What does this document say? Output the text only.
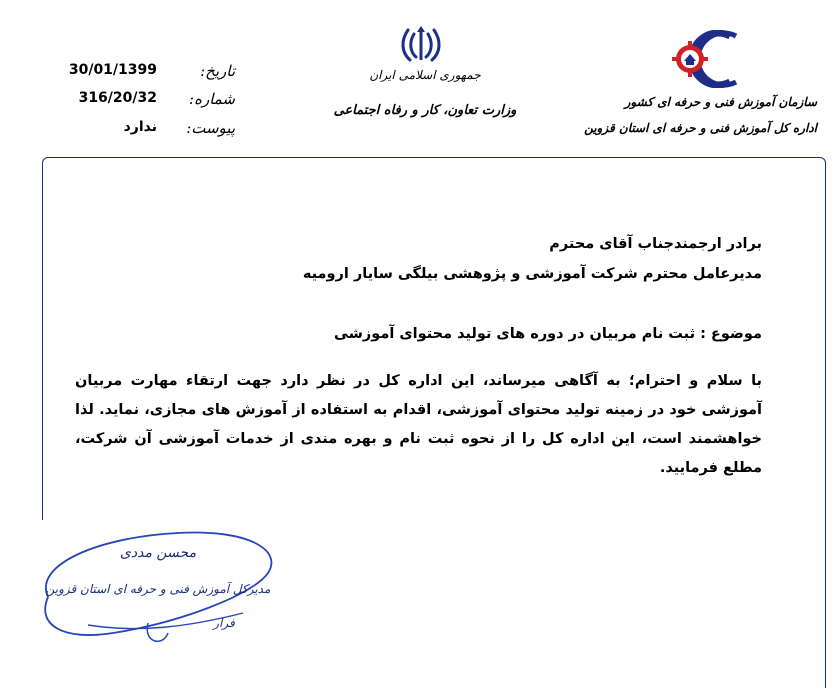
30/01/1399	تاریخ:
316/20/32 شماره:
ندارد پیوست:
جمهوری اسلامی ایران
وزارت تعاون، کار و رفاه اجتماعی
سازمان آموزش فنی و حرفه ای کشور
اداره کل آموزش فنی و حرفه ای استان قزوین
برادر ارجمندجناب آقای محترم
مدیرعامل محترم شرکت آموزشی و پژوهشی بیلگی سایار ارومیه
موضوع : ثبت نام مربیان در دوره های تولید محتوای آموزشی
با سلام و احترام؛ به آگاهی میرساند، این اداره کل در نظر دارد جهت ارتقاء مهارت مربیان آموزشی خود در زمینه تولید محتوای آموزشی، اقدام به استفاده از آموزش های مجازی، نماید. لذا خواهشمند است، این اداره کل را از نحوه ثبت نام و بهره مندی از خدمات آموزشی آن شرکت، مطلع فرمایید.
محسن مددی
مدیرکل آموزش فنی و حرفه ای استان قزوین
فرار
